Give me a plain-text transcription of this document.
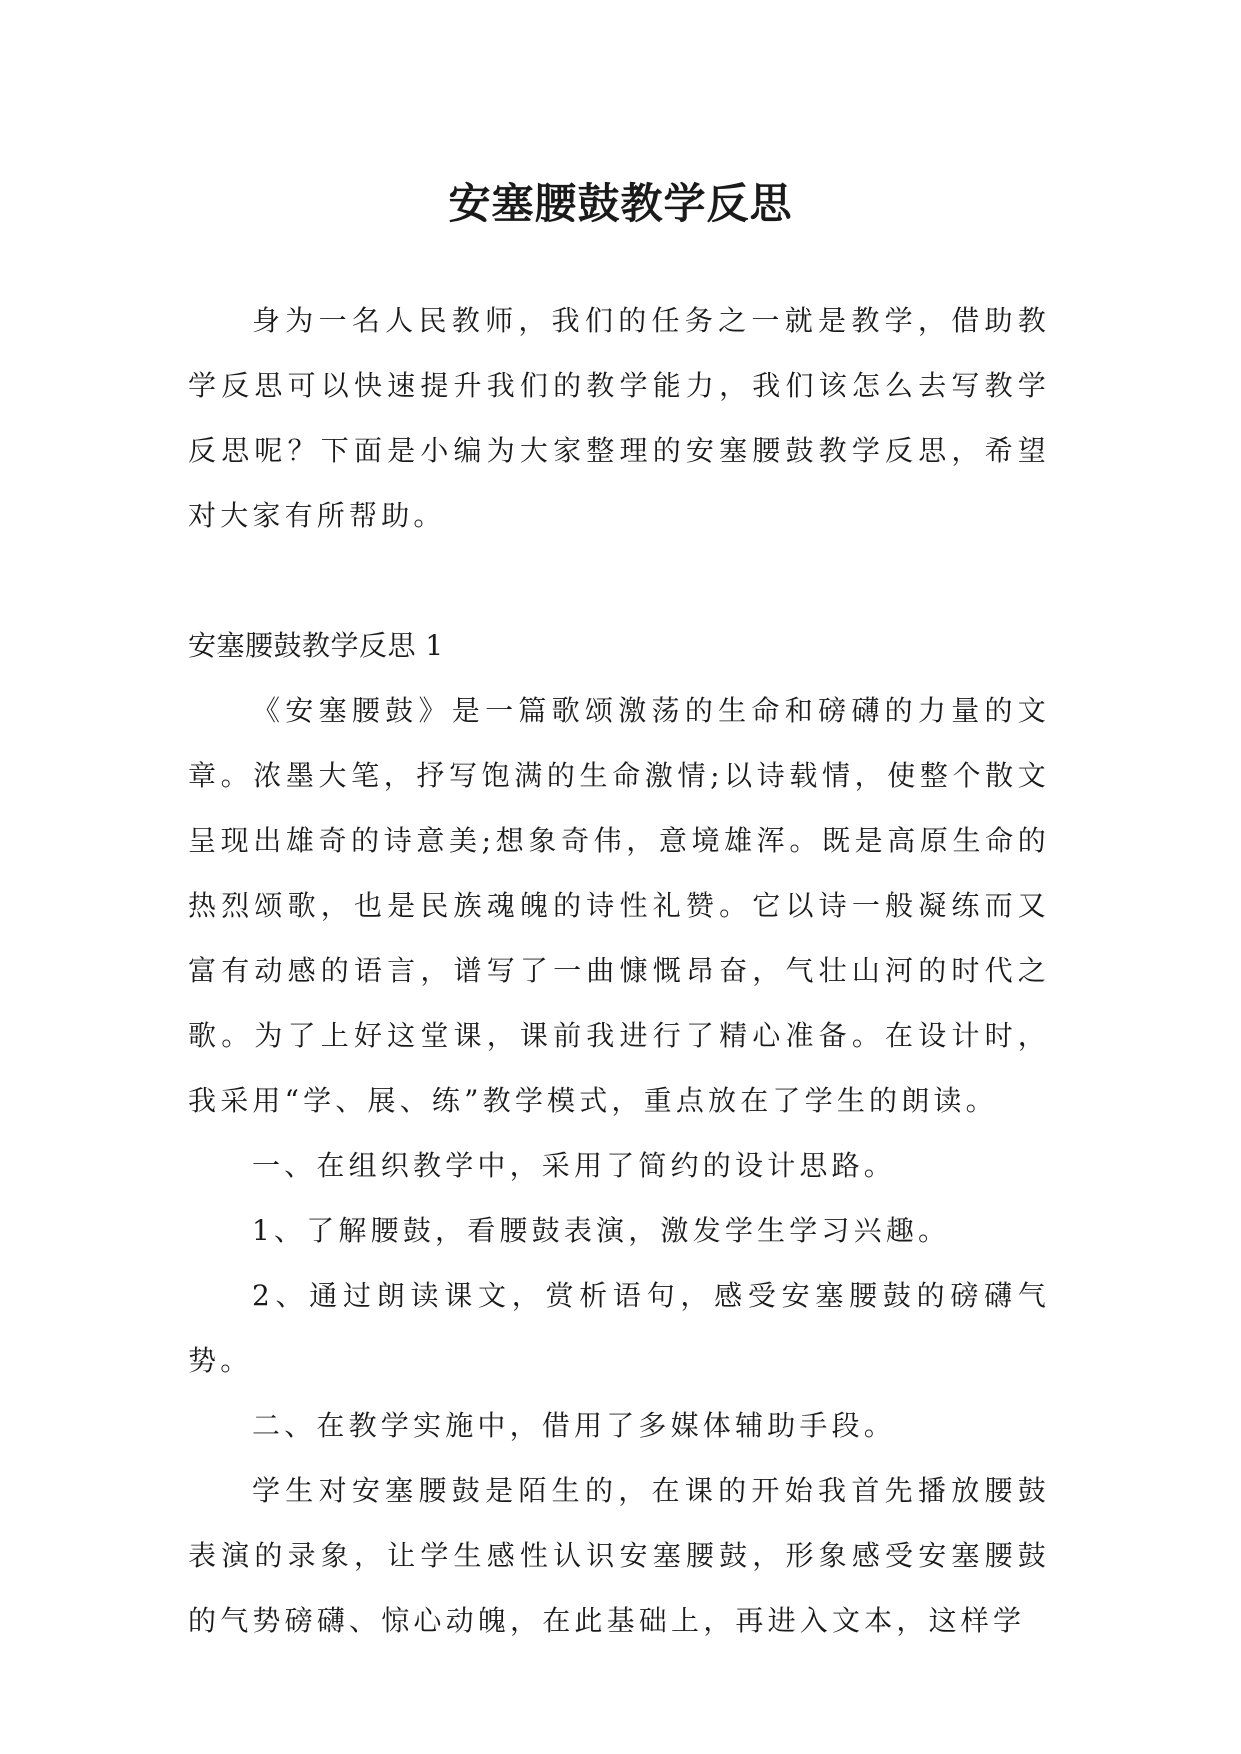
安塞腰鼓教学反思

身为一名人民教师，我们的任务之一就是教学，借助教学反思可以快速提升我们的教学能力，我们该怎么去写教学反思呢？下面是小编为大家整理的安塞腰鼓教学反思，希望对大家有所帮助。

安塞腰鼓教学反思 1

《安塞腰鼓》是一篇歌颂激荡的生命和磅礴的力量的文章。浓墨大笔，抒写饱满的生命激情;以诗载情，使整个散文呈现出雄奇的诗意美;想象奇伟，意境雄浑。既是高原生命的热烈颂歌，也是民族魂魄的诗性礼赞。它以诗一般凝练而又富有动感的语言，谱写了一曲慷慨昂奋，气壮山河的时代之歌。为了上好这堂课，课前我进行了精心准备。在设计时，我采用“学、展、练”教学模式，重点放在了学生的朗读。

一、在组织教学中，采用了简约的设计思路。

1、了解腰鼓，看腰鼓表演，激发学生学习兴趣。

2、通过朗读课文，赏析语句，感受安塞腰鼓的磅礴气势。

二、在教学实施中，借用了多媒体辅助手段。

学生对安塞腰鼓是陌生的，在课的开始我首先播放腰鼓表演的录象，让学生感性认识安塞腰鼓，形象感受安塞腰鼓的气势磅礴、惊心动魄，在此基础上，再进入文本，这样学
